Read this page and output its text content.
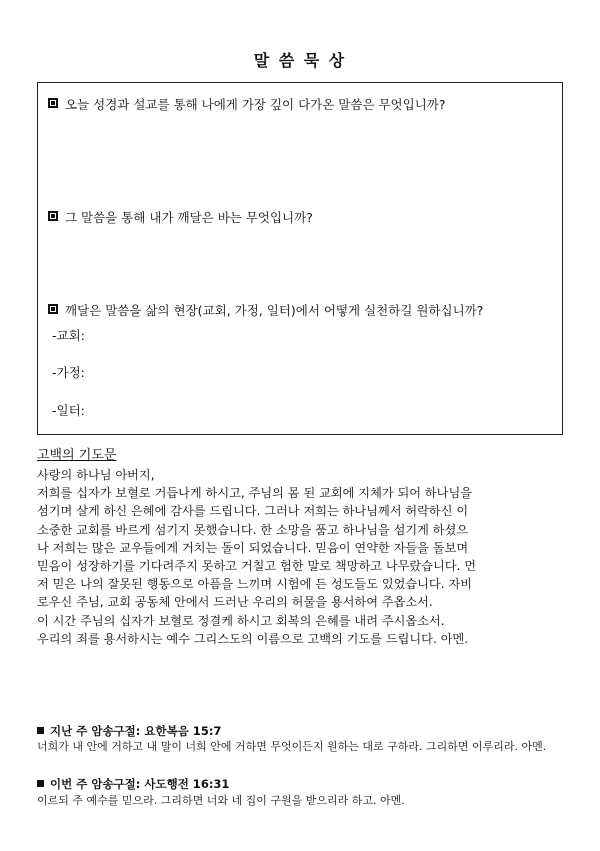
말 씀 묵 상
오늘 성경과 설교를 통해 나에게 가장 깊이 다가온 말씀은 무엇입니까?
그 말씀을 통해 내가 깨달은 바는 무엇입니까?
깨달은 말씀을 삶의 현장(교회, 가정, 일터)에서 어떻게 실천하길 원하십니까?
-교회:
-가정:
-일터:
고백의 기도문

사랑의 하나님 아버지,

저희를 십자가 보혈로 거듭나게 하시고, 주님의 몸 된 교회에 지체가 되어 하나님을

섬기며 살게 하신 은혜에 감사를 드립니다. 그러나 저희는 하나님께서 허락하신 이

소중한 교회를 바르게 섬기지 못했습니다. 한 소망을 품고 하나님을 섬기게 하셨으

나 저희는 많은 교우들에게 거치는 돌이 되었습니다. 믿음이 연약한 자들을 돌보며

믿음이 성장하기를 기다려주지 못하고 거칠고 험한 말로 책망하고 나무랐습니다. 먼

저 믿은 나의 잘못된 행동으로 아픔을 느끼며 시험에 든 성도들도 있었습니다. 자비

로우신 주님, 교회 공동체 안에서 드러난 우리의 허물을 용서하여 주옵소서.

이 시간 주님의 십자가 보혈로 정결케 하시고 회복의 은혜를 내려 주시옵소서.

우리의 죄를 용서하시는 예수 그리스도의 이름으로 고백의 기도를 드립니다. 아멘.

지난 주 암송구절: 요한복음 15:7
너희가 내 안에 거하고 내 말이 너희 안에 거하면 무엇이든지 원하는 대로 구하라. 그리하면 이루리라. 아멘.
이번 주 암송구절: 사도행전 16:31
이르되 주 예수를 믿으라. 그리하면 너와 네 집이 구원을 받으리라 하고. 아멘.
